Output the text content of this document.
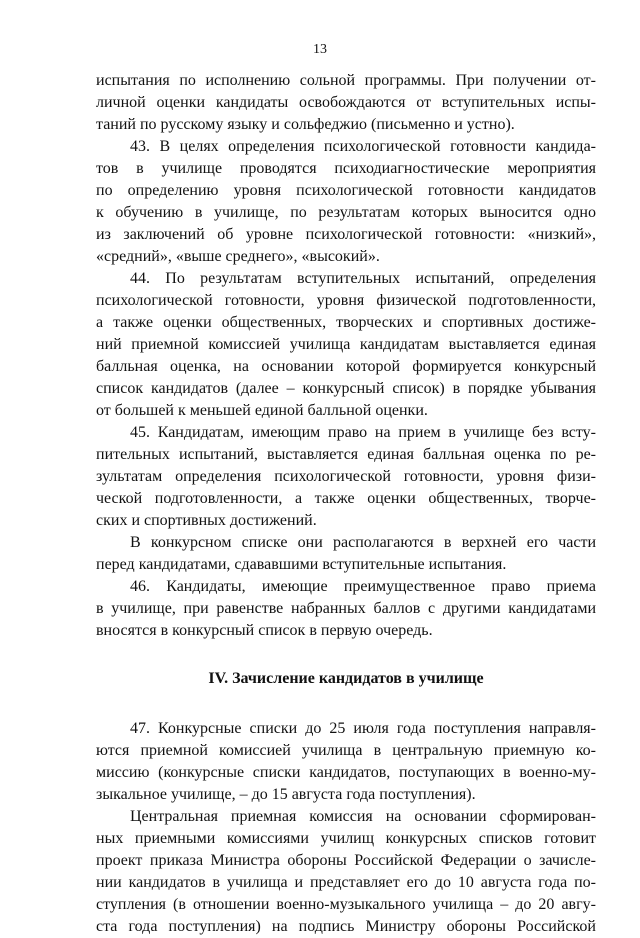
13

испытания по исполнению сольной программы. При получении от-
личной оценки кандидаты освобождаются от вступительных испы-
таний по русскому языку и сольфеджио (письменно и устно).

43. В целях определения психологической готовности кандида-
тов в училище проводятся психодиагностические мероприятия
по определению уровня психологической готовности кандидатов
к обучению в училище, по результатам которых выносится одно
из заключений об уровне психологической готовности: «низкий»,
«средний», «выше среднего», «высокий».

44. По результатам вступительных испытаний, определения
психологической готовности, уровня физической подготовленности,
а также оценки общественных, творческих и спортивных достиже-
ний приемной комиссией училища кандидатам выставляется единая
балльная оценка, на основании которой формируется конкурсный
список кандидатов (далее – конкурсный список) в порядке убывания
от большей к меньшей единой балльной оценки.

45. Кандидатам, имеющим право на прием в училище без всту-
пительных испытаний, выставляется единая балльная оценка по ре-
зультатам определения психологической готовности, уровня физи-
ческой подготовленности, а также оценки общественных, творче-
ских и спортивных достижений.

В конкурсном списке они располагаются в верхней его части
перед кандидатами, сдававшими вступительные испытания.

46. Кандидаты, имеющие преимущественное право приема
в училище, при равенстве набранных баллов с другими кандидатами
вносятся в конкурсный список в первую очередь.

IV. Зачисление кандидатов в училище

47. Конкурсные списки до 25 июля года поступления направля-
ются приемной комиссией училища в центральную приемную ко-
миссию (конкурсные списки кандидатов, поступающих в военно-му-
зыкальное училище, – до 15 августа года поступления).

Центральная приемная комиссия на основании сформирован-
ных приемными комиссиями училищ конкурсных списков готовит
проект приказа Министра обороны Российской Федерации о зачисле-
нии кандидатов в училища и представляет его до 10 августа года по-
ступления (в отношении военно-музыкального училища – до 20 авгу-
ста года поступления) на подпись Министру обороны Российской
